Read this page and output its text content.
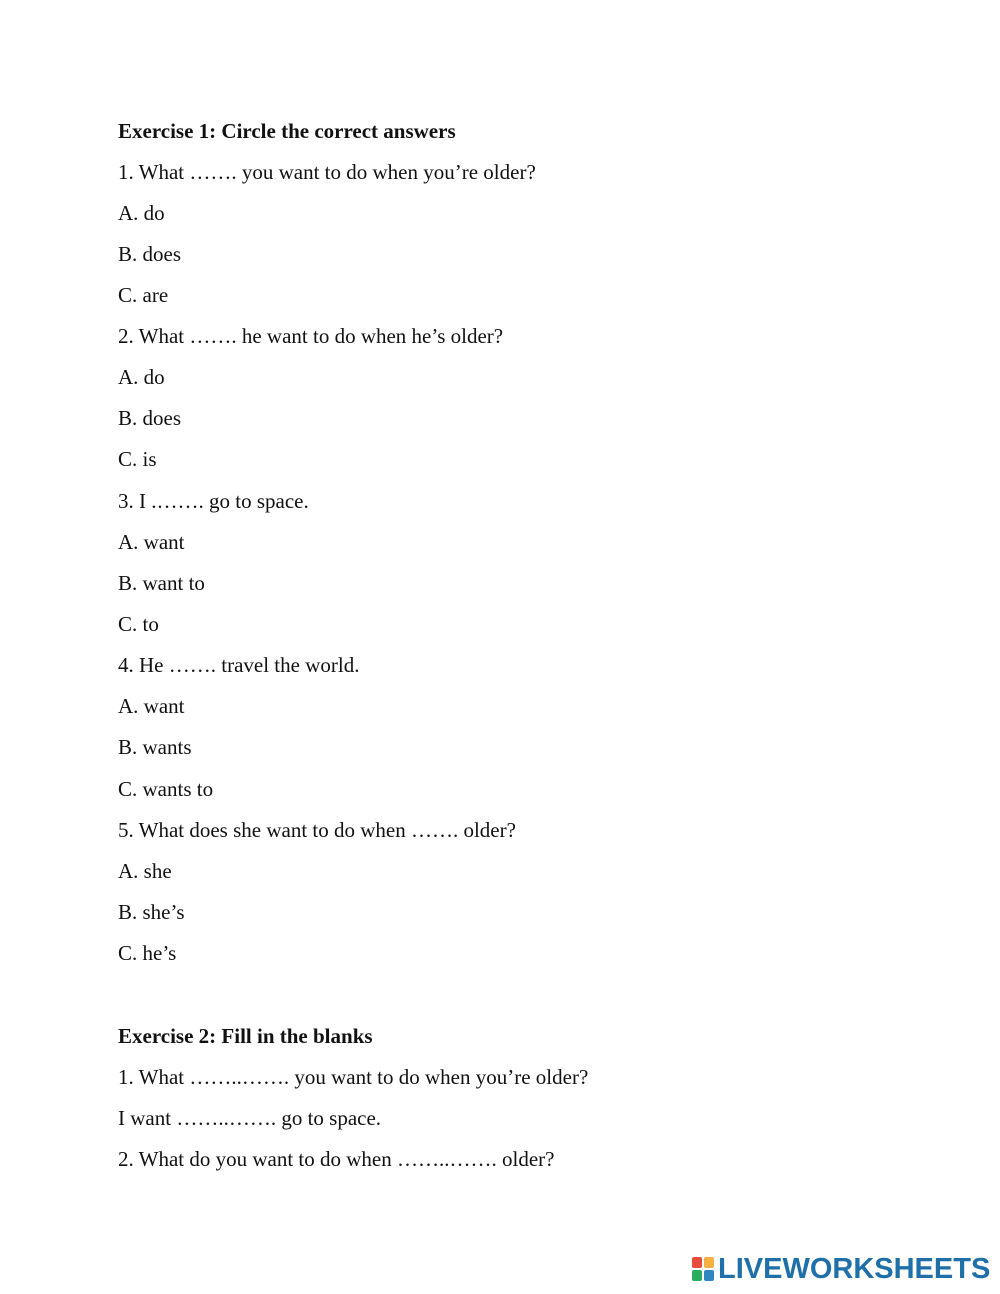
Exercise 1: Circle the correct answers
1. What ……. you want to do when you’re older?
A. do
B. does
C. are
2. What ……. he want to do when he’s older?
A. do
B. does
C. is
3. I .……. go to space.
A. want
B. want to
C. to
4. He ……. travel the world.
A. want
B. wants
C. wants to
5. What does she want to do when ……. older?
A. she
B. she’s
C. he’s
Exercise 2: Fill in the blanks
1. What ……..……. you want to do when you’re older?
I want ……..……. go to space.
2. What do you want to do when ……..……. older?
LIVEWORKSHEETS
